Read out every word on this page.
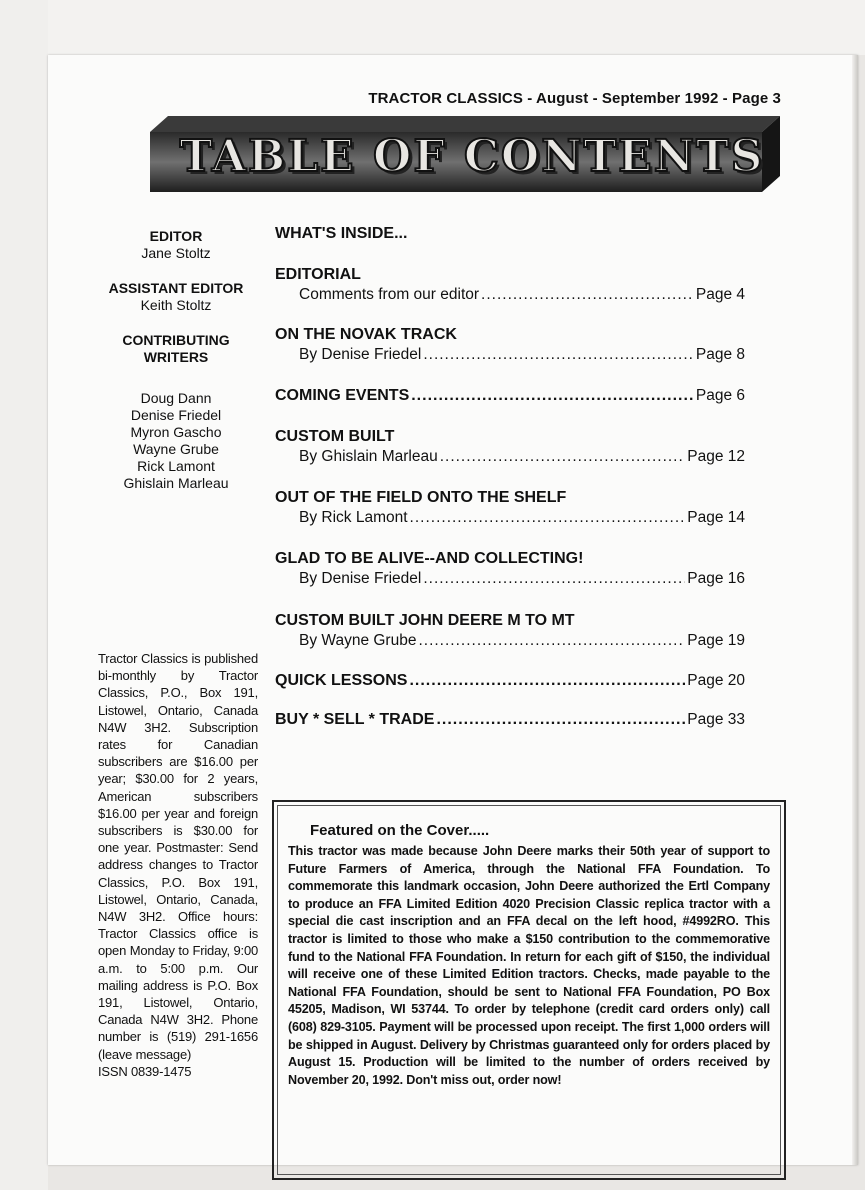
TRACTOR CLASSICS - August - September 1992 - Page 3
TABLE OF CONTENTS
EDITOR
Jane Stoltz
ASSISTANT EDITOR
Keith Stoltz
CONTRIBUTING
WRITERS
Doug Dann
Denise Friedel
Myron Gascho
Wayne Grube
Rick Lamont
Ghislain Marleau
Tractor Classics is published bi-monthly by Tractor Classics, P.O., Box 191, Listowel, Ontario, Canada N4W 3H2. Subscription rates for Canadian subscribers are $16.00 per year; $30.00 for 2 years, American subscribers $16.00 per year and foreign subscribers is $30.00 for one year. Postmaster: Send address changes to Tractor Classics, P.O. Box 191, Listowel, Ontario, Canada, N4W 3H2. Office hours: Tractor Classics office is open Monday to Friday, 9:00 a.m. to 5:00 p.m. Our mailing address is P.O. Box 191, Listowel, Ontario, Canada N4W 3H2. Phone number is (519) 291-1656 (leave message)
ISSN 0839-1475
WHAT'S INSIDE...
EDITORIAL
Comments from our editor .....	Page 4
ON THE NOVAK TRACK
By Denise Friedel .....	Page 8
COMING EVENTS .....	Page 6
CUSTOM BUILT
By Ghislain Marleau .....	Page 12
OUT OF THE FIELD ONTO THE SHELF
By Rick Lamont .....	Page 14
GLAD TO BE ALIVE--AND COLLECTING!
By Denise Friedel .....	Page 16
CUSTOM BUILT JOHN DEERE M TO MT
By Wayne Grube .....	Page 19
QUICK LESSONS .....	Page 20
BUY * SELL * TRADE .....	Page 33
Featured on the Cover.....
This tractor was made because John Deere marks their 50th year of support to Future Farmers of America, through the National FFA Foundation. To commemorate this landmark occasion, John Deere authorized the Ertl Company to produce an FFA Limited Edition 4020 Precision Classic replica tractor with a special die cast inscription and an FFA decal on the left hood, #4992RO. This tractor is limited to those who make a $150 contribution to the commemorative fund to the National FFA Foundation. In return for each gift of $150, the individual will receive one of these Limited Edition tractors. Checks, made payable to the National FFA Foundation, should be sent to National FFA Foundation, PO Box 45205, Madison, WI 53744. To order by telephone (credit card orders only) call (608) 829-3105. Payment will be processed upon receipt. The first 1,000 orders will be shipped in August. Delivery by Christmas guaranteed only for orders placed by August 15. Production will be limited to the number of orders received by November 20, 1992. Don't miss out, order now!
